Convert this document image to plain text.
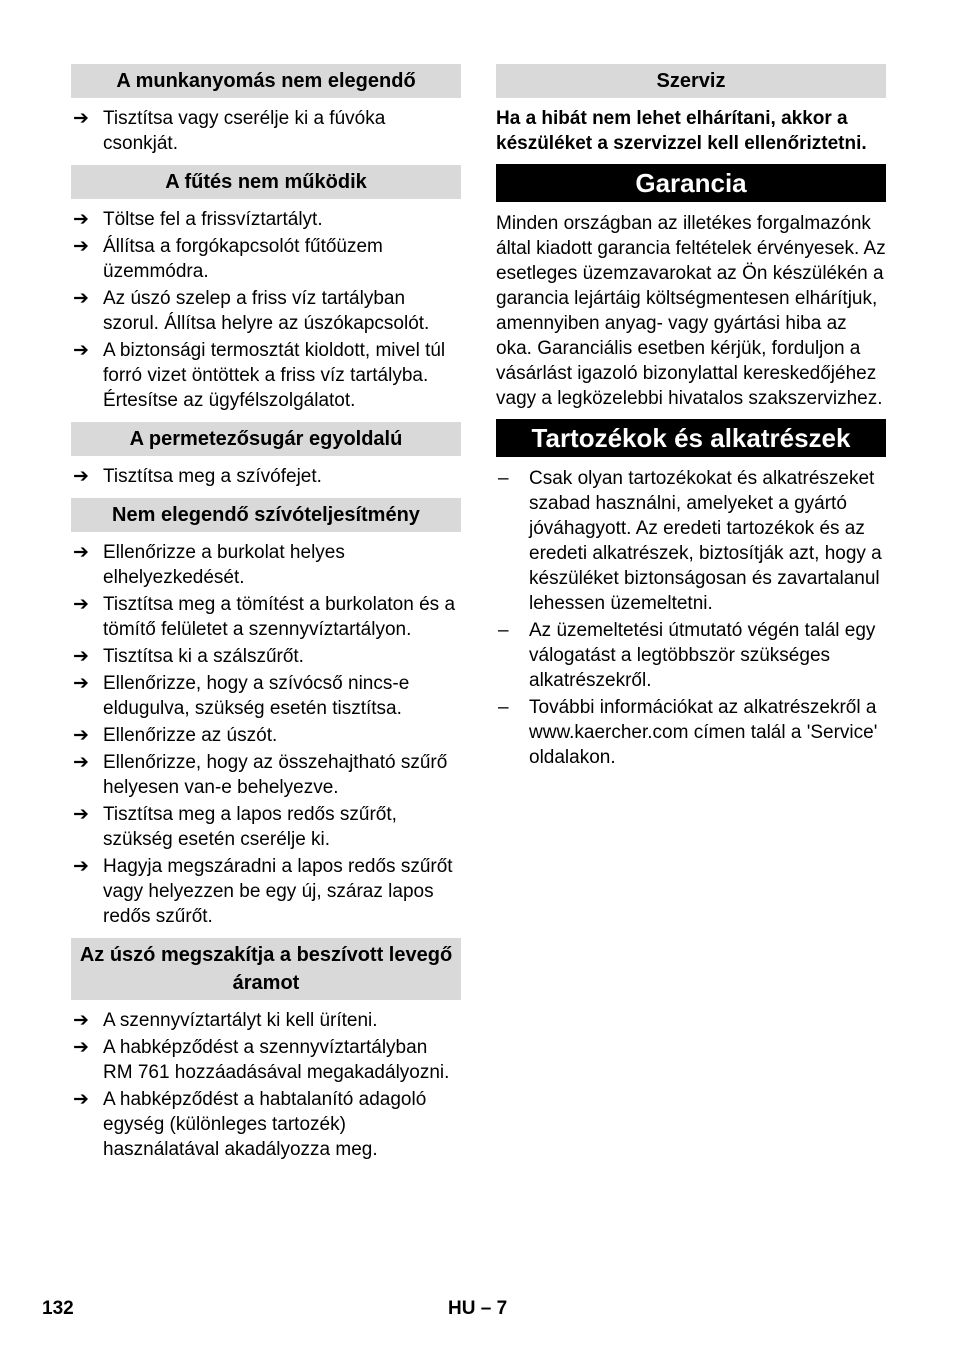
A munkanyomás nem elegendő
➔ Tisztítsa vagy cserélje ki a fúvóka csonkját.
A fűtés nem működik
➔ Töltse fel a frissvíztartályt.
➔ Állítsa a forgókapcsolót fűtőüzem üzemmódra.
➔ Az úszó szelep a friss víz tartályban szorul. Állítsa helyre az úszókapcsolót.
➔ A biztonsági termosztát kioldott, mivel túl forró vizet öntöttek a friss víz tartályba. Értesítse az ügyfélszolgálatot.
A permetezősugár egyoldalú
➔ Tisztítsa meg a szívófejet.
Nem elegendő szívóteljesítmény
➔ Ellenőrizze a burkolat helyes elhelyezkedését.
➔ Tisztítsa meg a tömítést a burkolaton és a tömítő felületet a szennyvíztartályon.
➔ Tisztítsa ki a szálszűrőt.
➔ Ellenőrizze, hogy a szívócső nincs-e eldugulva, szükség esetén tisztítsa.
➔ Ellenőrizze az úszót.
➔ Ellenőrizze, hogy az összehajtható szűrő helyesen van-e behelyezve.
➔ Tisztítsa meg a lapos redős szűrőt, szükség esetén cserélje ki.
➔ Hagyja megszáradni a lapos redős szűrőt vagy helyezzen be egy új, száraz lapos redős szűrőt.
Az úszó megszakítja a beszívott levegő áramot
➔ A szennyvíztartályt ki kell üríteni.
➔ A habképződést a szennyvíztartályban RM 761 hozzáadásával megakadályozni.
➔ A habképződést a habtalanító adagoló egység (különleges tartozék) használatával akadályozza meg.
Szerviz

Ha a hibát nem lehet elhárítani, akkor a készüléket a szervizzel kell ellenőriztetni.

Garancia

Minden országban az illetékes forgalmazónk által kiadott garancia feltételek érvényesek. Az esetleges üzemzavarokat az Ön készülékén a garancia lejártáig költségmentesen elhárítjuk, amennyiben anyag- vagy gyártási hiba az oka. Garanciális esetben kérjük, forduljon a vásárlást igazoló bizonylattal kereskedőjéhez vagy a legközelebbi hivatalos szakszervizhez.

Tartozékok és alkatrészek
– Csak olyan tartozékokat és alkatrészeket szabad használni, amelyeket a gyártó jóváhagyott. Az eredeti tartozékok és az eredeti alkatrészek, biztosítják azt, hogy a készüléket biztonságosan és zavartalanul lehessen üzemeltetni.
– Az üzemeltetési útmutató végén talál egy válogatást a legtöbbször szükséges alkatrészekről.
– További információkat az alkatrészekről a www.kaercher.com címen talál a 'Service' oldalakon.
132	HU – 7
